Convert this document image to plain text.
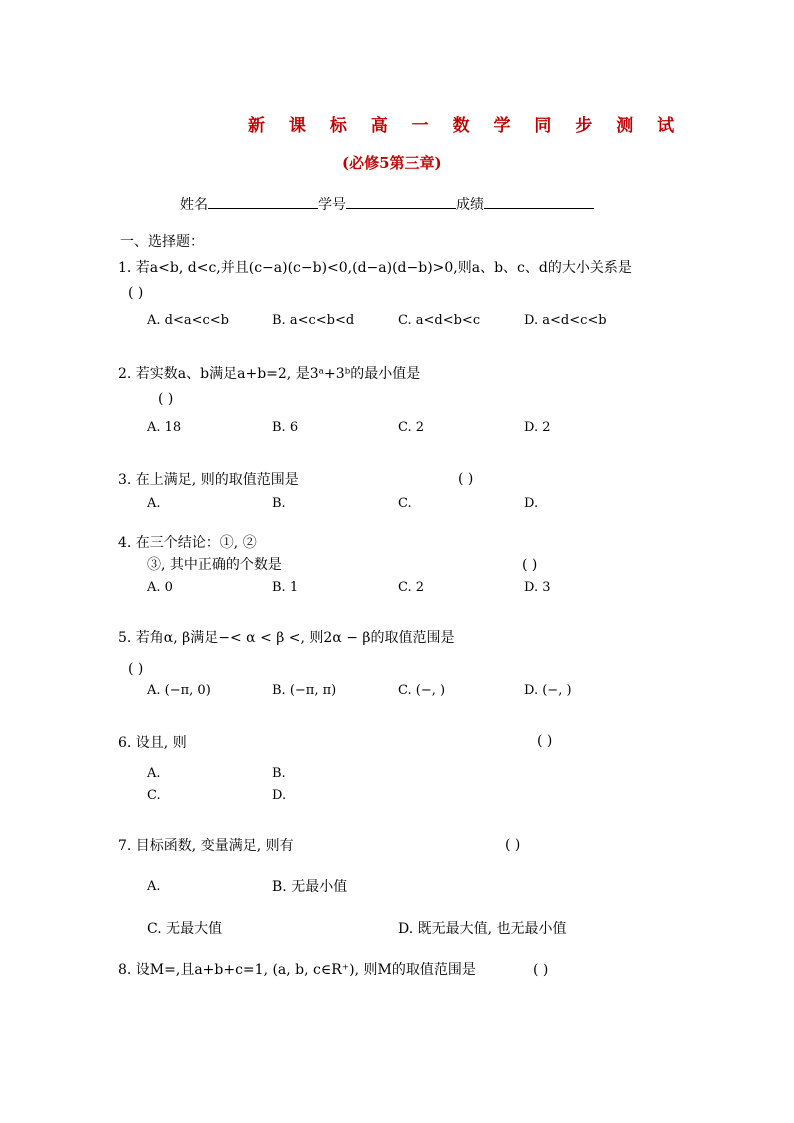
新 课 标 高 一 数 学 同 步 测 试
(必修5第三章)
姓名	学号	成绩
一、选择题：
1. 若a<b, d<c,并且(c−a)(c−b)<0,(d−a)(d−b)>0,则a、b、c、d的大小关系是
( )
A. d<a<c<b	B. a<c<b<d	C. a<d<b<c	D. a<d<c<b
2. 若实数a、b满足a+b=2, 是3ᵃ+3ᵇ的最小值是
( )
A. 18	B. 6	C. 2	D. 2
3. 在上满足, 则的取值范围是	( )
A.	B.	C.	D.
4. 在三个结论：①, ②
③, 其中正确的个数是	( )
A. 0	B. 1	C. 2	D. 3
5. 若角α, β满足−< α < β <, 则2α − β的取值范围是
( )
A. (−π, 0)	B. (−π, π)	C. (−, )	D. (−, )
6. 设且, 则	( )
A.	B.
C.	D.
7. 目标函数, 变量满足, 则有	( )
A.	B. 无最小值
C. 无最大值	D. 既无最大值, 也无最小值
8. 设M=,且a+b+c=1, (a, b, c∈R⁺), 则M的取值范围是	( )
